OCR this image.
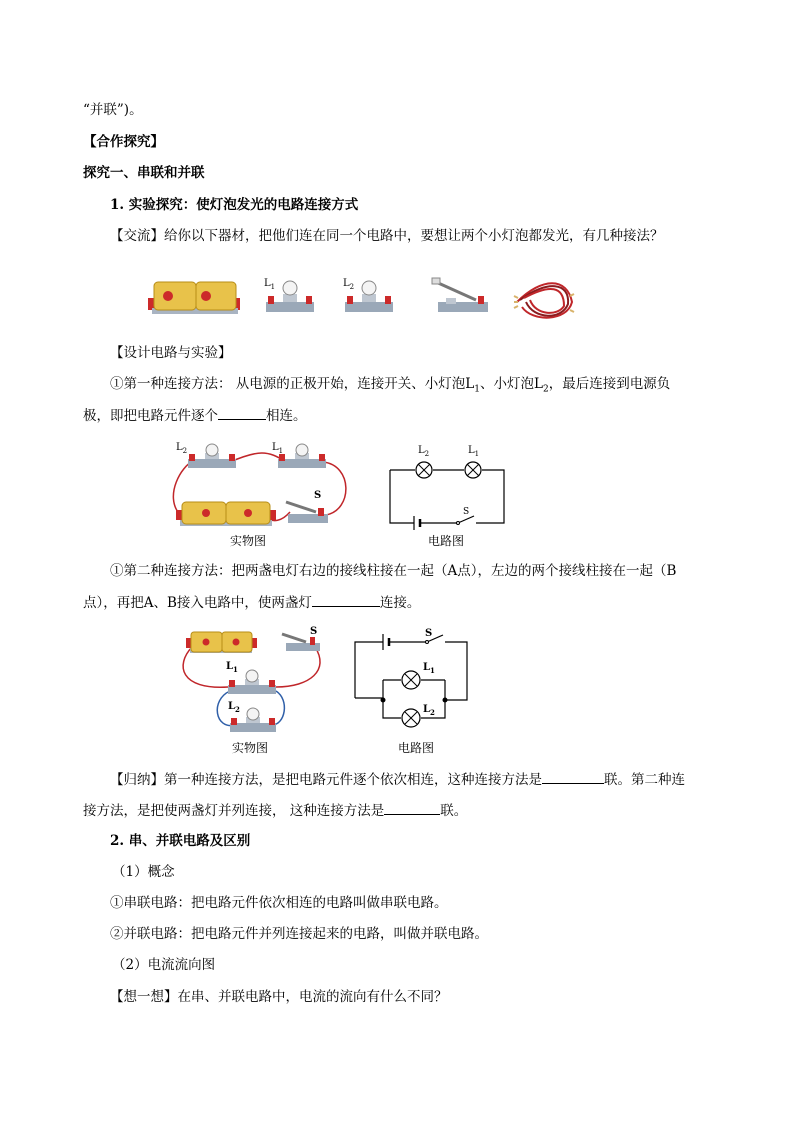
“并联”)。
【合作探究】
探究一、串联和并联
1. 实验探究：使灯泡发光的电路连接方式
【交流】给你以下器材，把他们连在同一个电路中，要想让两个小灯泡都发光，有几种接法？
$L_1$	$L_2$
【设计电路与实验】
①第一种连接方法： 从电源的正极开始，连接开关、小灯泡$L_1$、小灯泡$L_2$，最后连接到电源负
极，即把电路元件逐个	相连。
$L_2$	$L_1$
S
实物图
$L_2$	$L_1$
S
电路图
①第二种连接方法：把两盏电灯右边的接线柱接在一起（A点），左边的两个接线柱接在一起（B
点），再把A、B接入电路中，使两盏灯	连接。
S
$L_1$
$L_2$
实物图
S
$L_1$
$L_2$
电路图
【归纳】第一种连接方法，是把电路元件逐个依次相连，这种连接方法是	联。第二种连
接方法，是把使两盏灯并列连接， 这种连接方法是	联。
2. 串、并联电路及区别
（1）概念
①串联电路：把电路元件依次相连的电路叫做串联电路。
②并联电路：把电路元件并列连接起来的电路，叫做并联电路。
（2）电流流向图
【想一想】在串、并联电路中，电流的流向有什么不同？
